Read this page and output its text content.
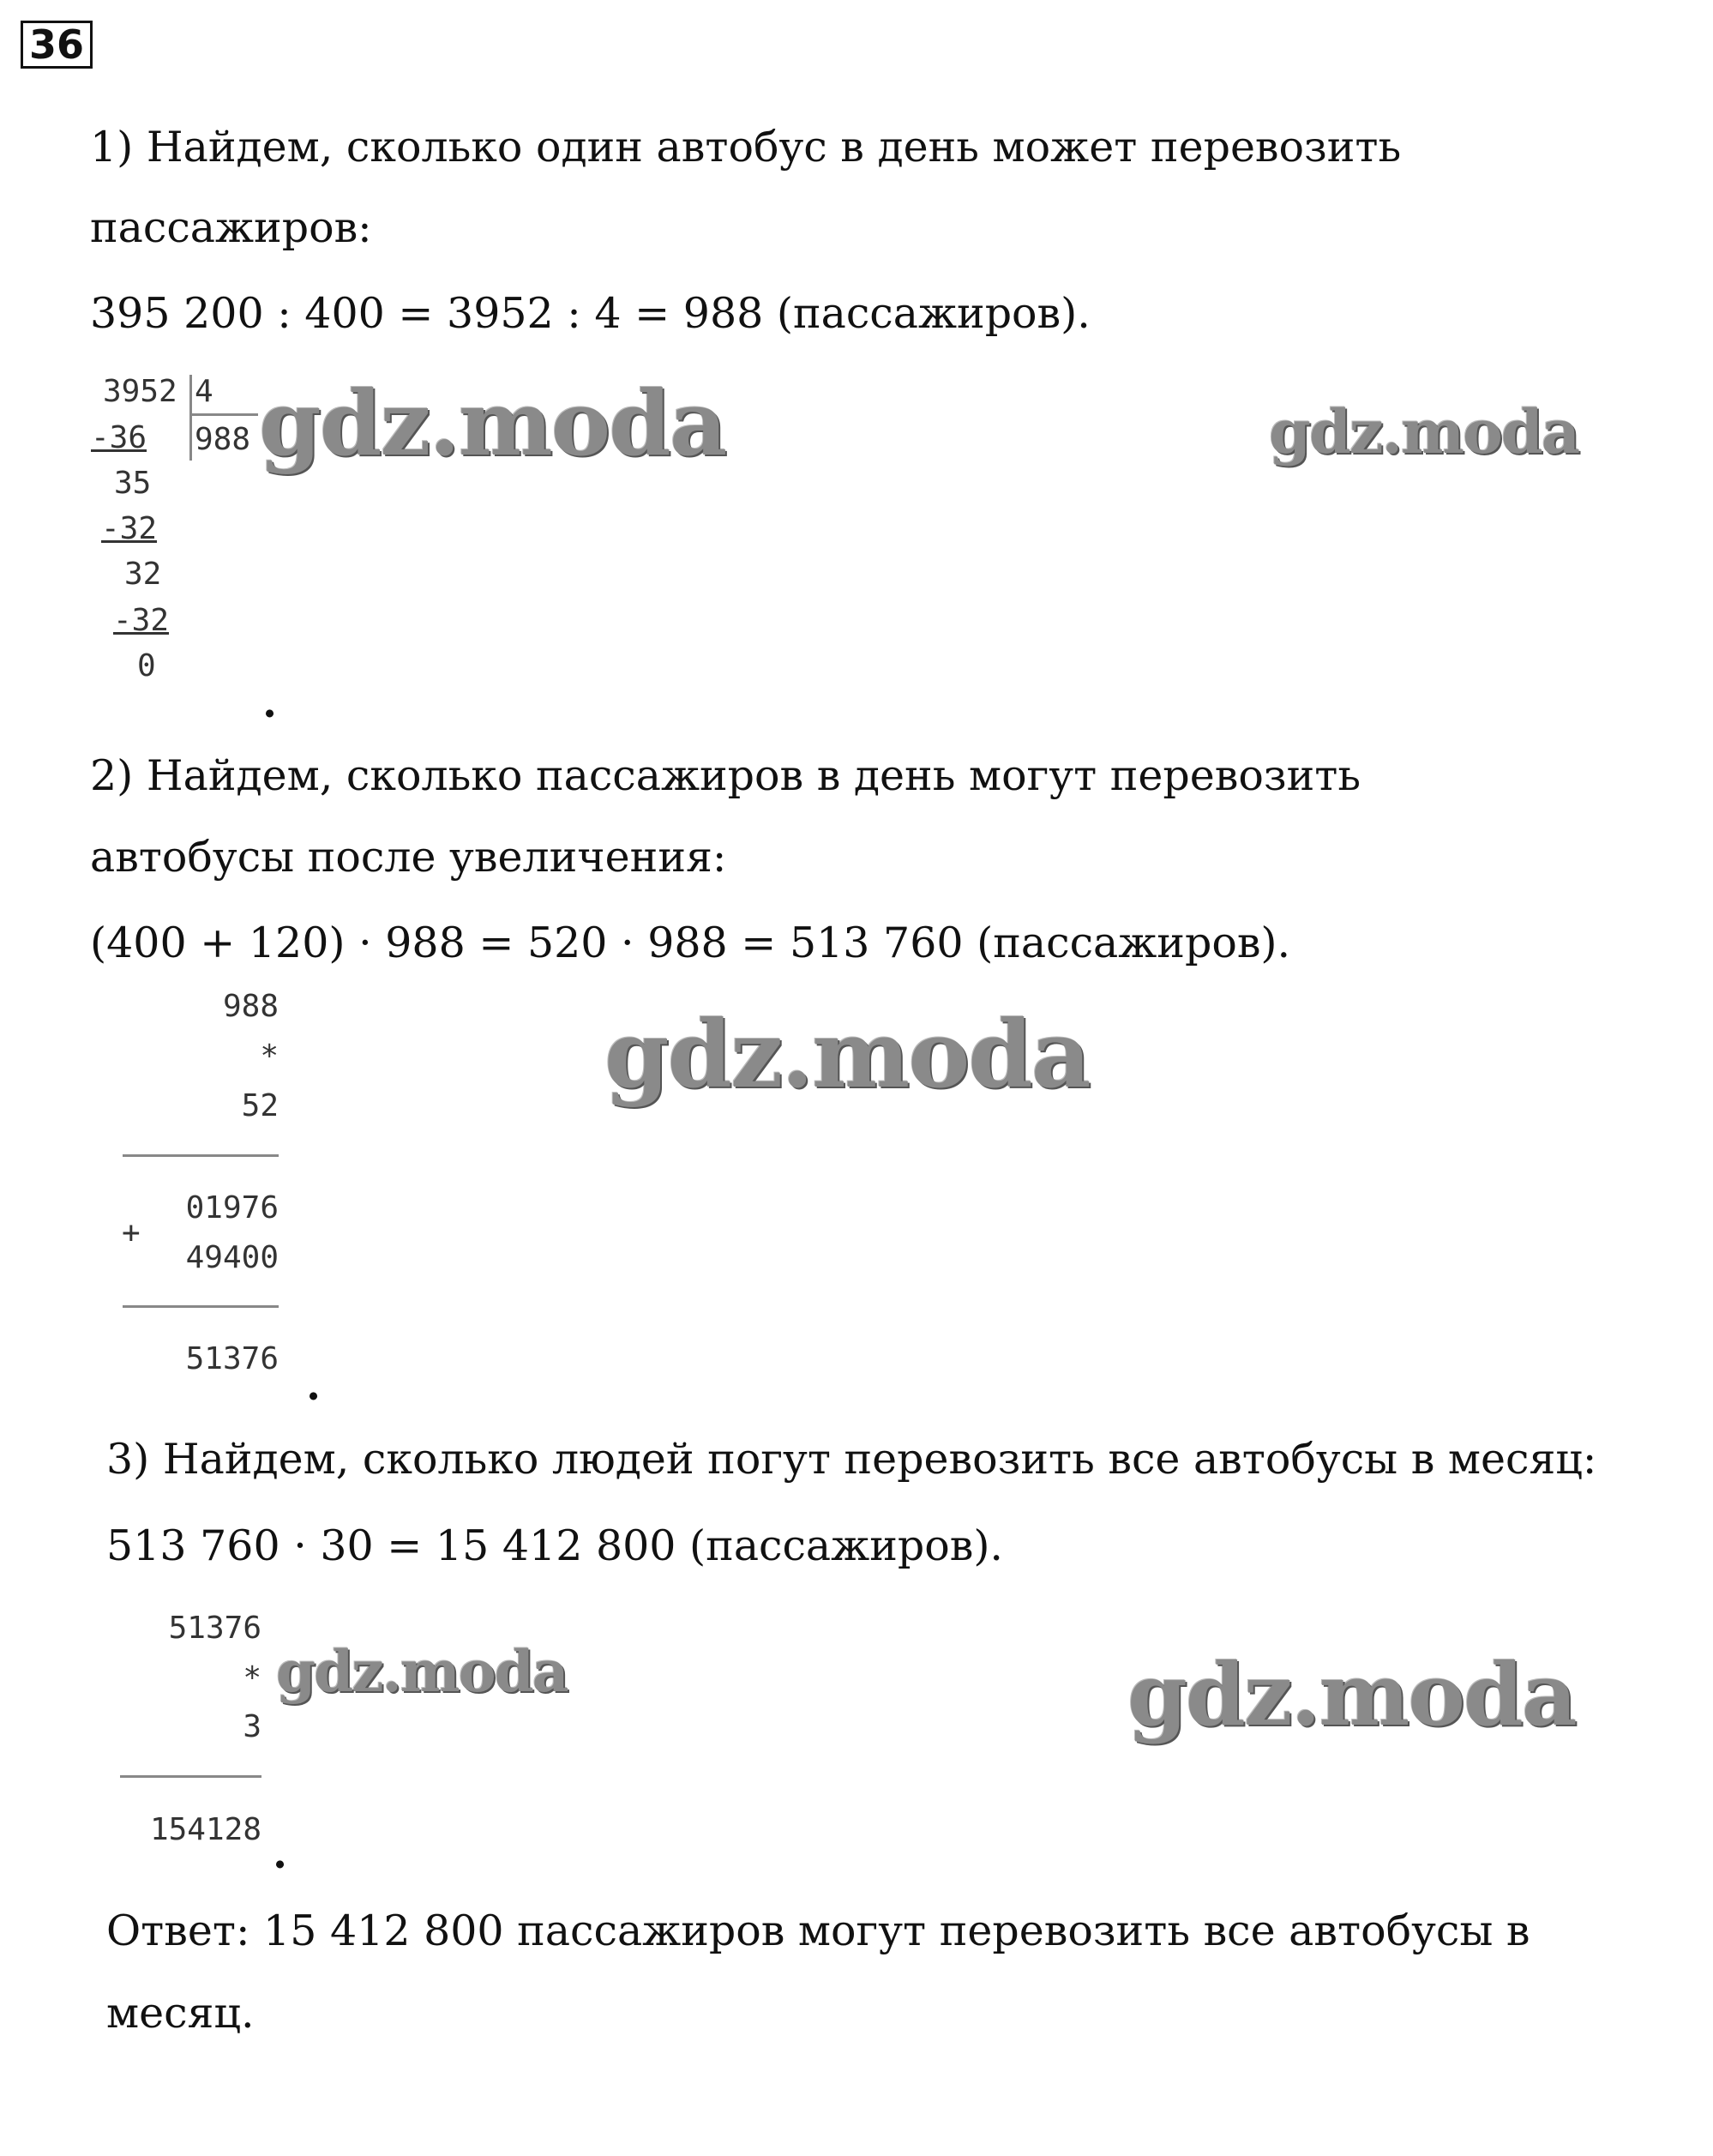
36
1) Найдем, сколько один автобус в день может перевозить
пассажиров:
395 200 : 400 = 3952 : 4 = 988 (пассажиров).
3952 4
988
-36
35
-32
32
-32
0
.
2) Найдем, сколько пассажиров в день могут перевозить
автобусы после увеличения:
(400 + 120) · 988 = 520 · 988 = 513 760 (пассажиров).
988
*
52
01976
+
49400
51376
.
3) Найдем, сколько людей погут перевозить все автобусы в месяц:
513 760 · 30 = 15 412 800 (пассажиров).
51376
*
3
154128 .
Ответ: 15 412 800 пассажиров могут перевозить все автобусы в
месяц.
gdz.moda	gdz.moda
gdz.moda
gdz.moda	gdz.moda
